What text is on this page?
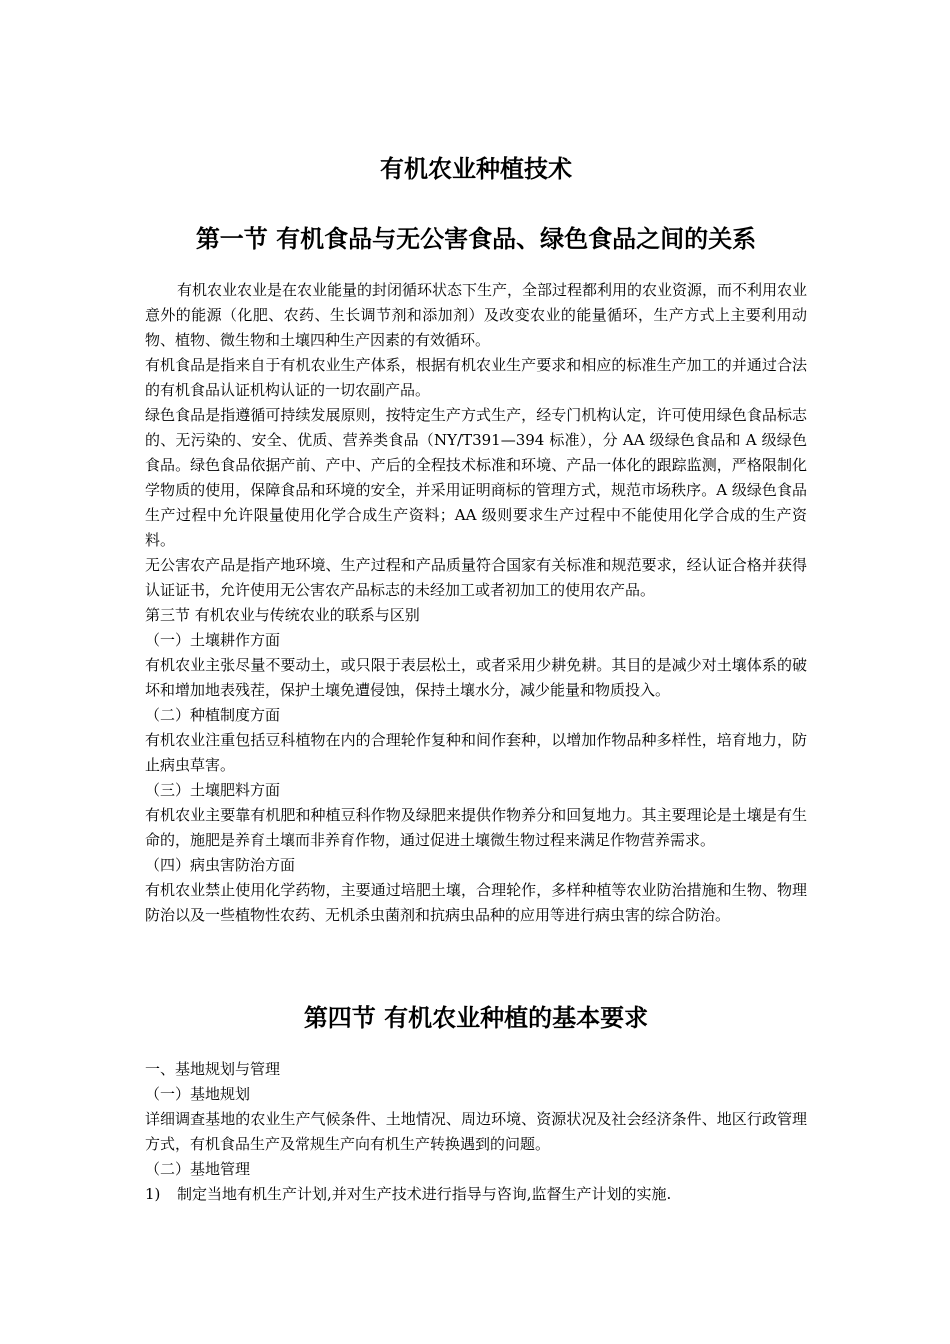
有机农业种植技术
第一节 有机食品与无公害食品、绿色食品之间的关系

有机农业农业是在农业能量的封闭循环状态下生产，全部过程都利用的农业资源，而不利用农业意外的能源（化肥、农药、生长调节剂和添加剂）及改变农业的能量循环，生产方式上主要利用动物、植物、微生物和土壤四种生产因素的有效循环。

有机食品是指来自于有机农业生产体系，根据有机农业生产要求和相应的标准生产加工的并通过合法的有机食品认证机构认证的一切农副产品。

绿色食品是指遵循可持续发展原则，按特定生产方式生产，经专门机构认定，许可使用绿色食品标志的、无污染的、安全、优质、营养类食品（NY/T391—394 标准），分 AA 级绿色食品和 A 级绿色食品。绿色食品依据产前、产中、产后的全程技术标准和环境、产品一体化的跟踪监测，严格限制化学物质的使用，保障食品和环境的安全，并采用证明商标的管理方式，规范市场秩序。A 级绿色食品生产过程中允许限量使用化学合成生产资料；AA 级则要求生产过程中不能使用化学合成的生产资料。

无公害农产品是指产地环境、生产过程和产品质量符合国家有关标准和规范要求，经认证合格并获得认证证书，允许使用无公害农产品标志的未经加工或者初加工的使用农产品。

第三节 有机农业与传统农业的联系与区别

（一）土壤耕作方面

有机农业主张尽量不要动土，或只限于表层松土，或者采用少耕免耕。其目的是减少对土壤体系的破坏和增加地表残茬，保护土壤免遭侵蚀，保持土壤水分，减少能量和物质投入。

（二）种植制度方面

有机农业注重包括豆科植物在内的合理轮作复种和间作套种，以增加作物品种多样性，培育地力，防止病虫草害。

（三）土壤肥料方面

有机农业主要靠有机肥和种植豆科作物及绿肥来提供作物养分和回复地力。其主要理论是土壤是有生命的，施肥是养育土壤而非养育作物，通过促进土壤微生物过程来满足作物营养需求。

（四）病虫害防治方面

有机农业禁止使用化学药物，主要通过培肥土壤，合理轮作，多样种植等农业防治措施和生物、物理防治以及一些植物性农药、无机杀虫菌剂和抗病虫品种的应用等进行病虫害的综合防治。

第四节 有机农业种植的基本要求

一、基地规划与管理

（一）基地规划

详细调查基地的农业生产气候条件、土地情况、周边环境、资源状况及社会经济条件、地区行政管理方式，有机食品生产及常规生产向有机生产转换遇到的问题。

（二）基地管理

1)	制定当地有机生产计划,并对生产技术进行指导与咨询,监督生产计划的实施.
